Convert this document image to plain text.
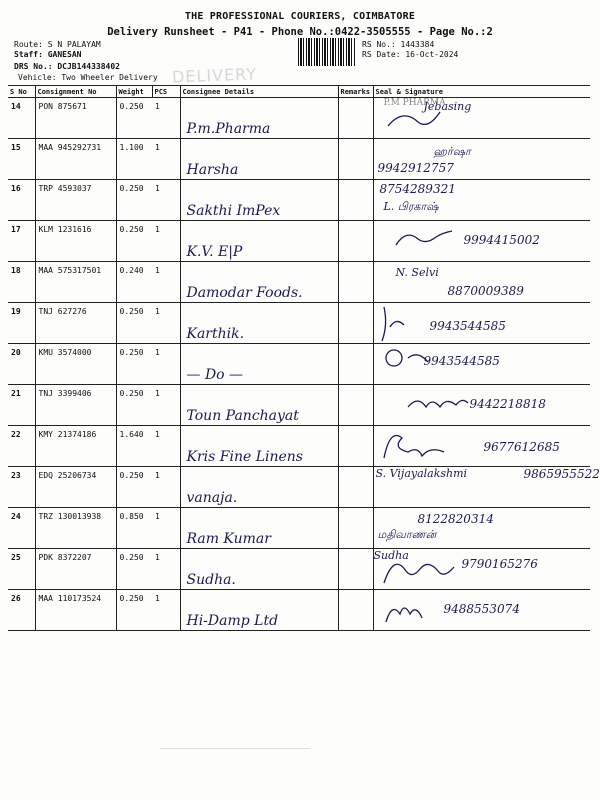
THE PROFESSIONAL COURIERS, COIMBATORE
Delivery Runsheet - P41 - Phone No.:0422-3505555 - Page No.:2
Route: S N PALAYAM
Staff: GANESAN
DRS No.: DCJB144338402
Vehicle: Two Wheeler Delivery DELIVERY
RS No.: 1443384
RS Date: 16-Oct-2024
S No	Consignment No	Weight	PCS	Consignee Details	Remarks	Seal & Signature

14	PON 875671	0.250	1	P.m.Pharma		Jebasing
P.M PHARMA

15	MAA 945292731	1.100	1	Harsha		ஹர்ஷா
9942912757

16	TRP 4593037	0.250	1	Sakthi ImPex		L. பிரகாஷ்
8754289321

17	KLM 1231616	0.250	1	K.V. E|P		9994415002

18	MAA 575317501	0.240	1	Damodar Foods.		N. Selvi
8870009389

19	TNJ 627276	0.250	1	Karthik.		9943544585

20	KMU 3574000	0.250	1	— Do —		9943544585

21	TNJ 3399406	0.250	1	Toun Panchayat		9442218818

22	KMY 21374186	1.640	1	Kris Fine Linens		9677612685

23	EDQ 25206734	0.250	1	vanaja.		S. Vijayalakshmi 9865955522

24	TRZ 130013938	0.850	1	Ram Kumar		மதிவாணன்
8122820314

25	PDK 8372207	0.250	1	Sudha.		Sudha
9790165276

26	MAA 110173524	0.250	1	Hi-Damp Ltd		9488553074
